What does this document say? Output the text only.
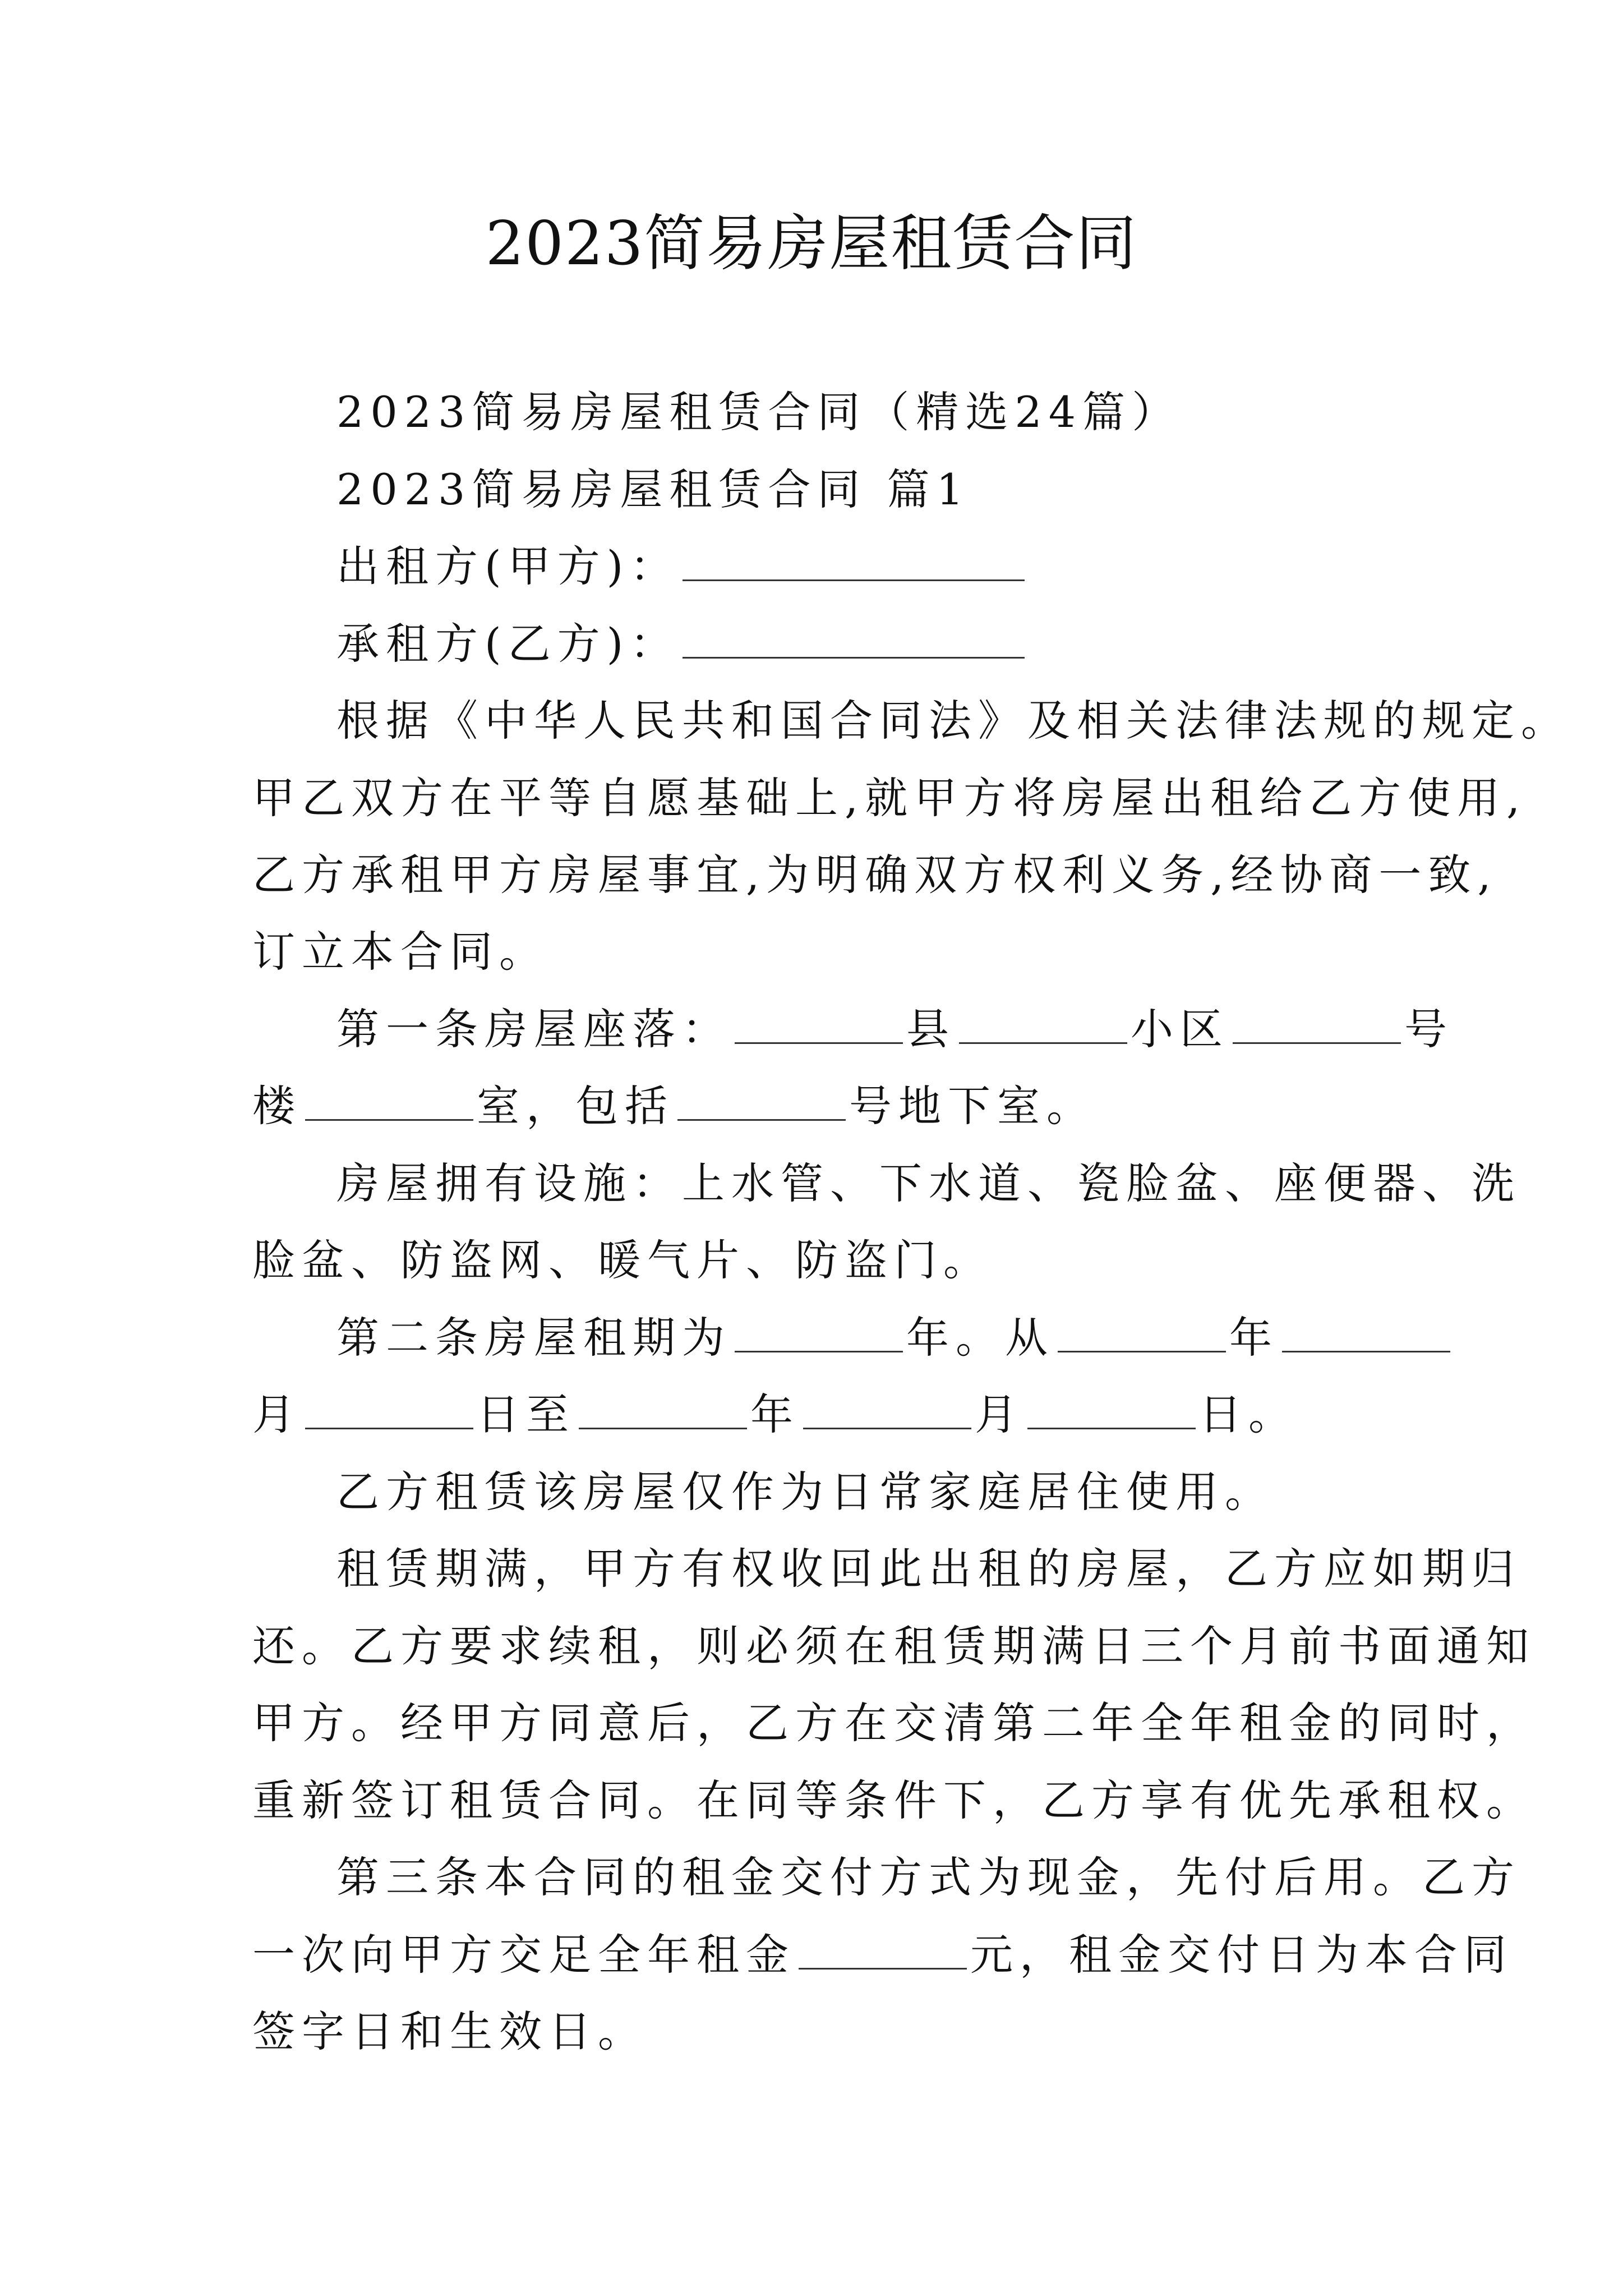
2023简易房屋租赁合同
2023简易房屋租赁合同（精选24篇）
2023简易房屋租赁合同 篇1
出租方(甲方)：
承租方(乙方)：
根据《中华人民共和国合同法》及相关法律法规的规定。
甲乙双方在平等自愿基础上,就甲方将房屋出租给乙方使用,
乙方承租甲方房屋事宜,为明确双方权利义务,经协商一致,
订立本合同。
第一条房屋座落：	县	小区	号
楼	室，包括	号地下室。
房屋拥有设施：上水管、下水道、瓷脸盆、座便器、洗
脸盆、防盗网、暖气片、防盗门。
第二条房屋租期为	年。从	年
月	日至	年	月	日。
乙方租赁该房屋仅作为日常家庭居住使用。
租赁期满，甲方有权收回此出租的房屋，乙方应如期归
还。乙方要求续租，则必须在租赁期满日三个月前书面通知
甲方。经甲方同意后，乙方在交清第二年全年租金的同时，
重新签订租赁合同。在同等条件下，乙方享有优先承租权。
第三条本合同的租金交付方式为现金，先付后用。乙方
一次向甲方交足全年租金	元，租金交付日为本合同
签字日和生效日。
